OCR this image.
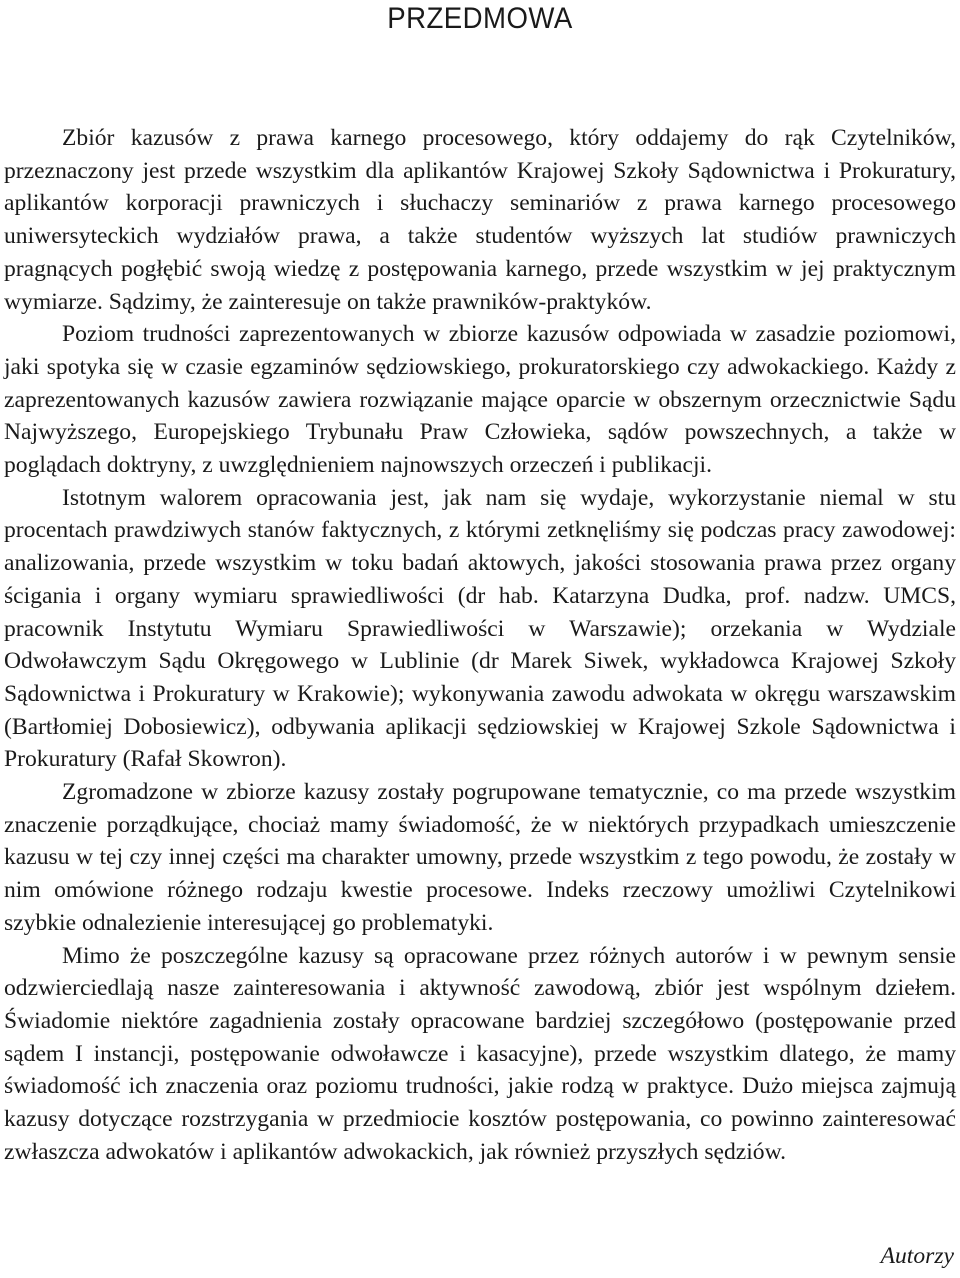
PRZEDMOWA

Zbiór kazusów z prawa karnego procesowego, który oddajemy do rąk Czytelników, przeznaczony jest przede wszystkim dla aplikantów Krajowej Szkoły Sądownictwa i Prokuratury, aplikantów korporacji prawniczych i słuchaczy seminariów z prawa karnego procesowego uniwersyteckich wydziałów prawa, a także studentów wyższych lat studiów prawniczych pragnących pogłębić swoją wiedzę z postępowania karnego, przede wszystkim w jej praktycznym wymiarze. Sądzimy, że zainteresuje on także prawników-praktyków.

Poziom trudności zaprezentowanych w zbiorze kazusów odpowiada w zasadzie poziomowi, jaki spotyka się w czasie egzaminów sędziowskiego, prokuratorskiego czy adwokackiego. Każdy z zaprezentowanych kazusów zawiera rozwiązanie mające oparcie w obszernym orzecznictwie Sądu Najwyższego, Europejskiego Trybunału Praw Człowieka, sądów powszechnych, a także w poglądach doktryny, z uwzględnieniem najnowszych orzeczeń i publikacji.

Istotnym walorem opracowania jest, jak nam się wydaje, wykorzystanie niemal w stu procentach prawdziwych stanów faktycznych, z którymi zetknęliśmy się podczas pracy zawodowej: analizowania, przede wszystkim w toku badań aktowych, jakości stosowania prawa przez organy ścigania i organy wymiaru sprawiedliwości (dr hab. Katarzyna Dudka, prof. nadzw. UMCS, pracownik Instytutu Wymiaru Sprawiedliwości w Warszawie); orzekania w Wydziale Odwoławczym Sądu Okręgowego w Lublinie (dr Marek Siwek, wykładowca Krajowej Szkoły Sądownictwa i Prokuratury w Krakowie); wykonywania zawodu adwokata w okręgu warszawskim (Bartłomiej Dobosiewicz), odbywania aplikacji sędziowskiej w Krajowej Szkole Sądownictwa i Prokuratury (Rafał Skowron).

Zgromadzone w zbiorze kazusy zostały pogrupowane tematycznie, co ma przede wszystkim znaczenie porządkujące, chociaż mamy świadomość, że w niektórych przypadkach umieszczenie kazusu w tej czy innej części ma charakter umowny, przede wszystkim z tego powodu, że zostały w nim omówione różnego rodzaju kwestie procesowe. Indeks rzeczowy umożliwi Czytelnikowi szybkie odnalezienie interesującej go problematyki.

Mimo że poszczególne kazusy są opracowane przez różnych autorów i w pewnym sensie odzwierciedlają nasze zainteresowania i aktywność zawodową, zbiór jest wspólnym dziełem. Świadomie niektóre zagadnienia zostały opracowane bardziej szczegółowo (postępowanie przed sądem I instancji, postępowanie odwoławcze i kasacyjne), przede wszystkim dlatego, że mamy świadomość ich znaczenia oraz poziomu trudności, jakie rodzą w praktyce. Dużo miejsca zajmują kazusy dotyczące rozstrzygania w przedmiocie kosztów postępowania, co powinno zainteresować zwłaszcza adwokatów i aplikantów adwokackich, jak również przyszłych sędziów.

Autorzy
